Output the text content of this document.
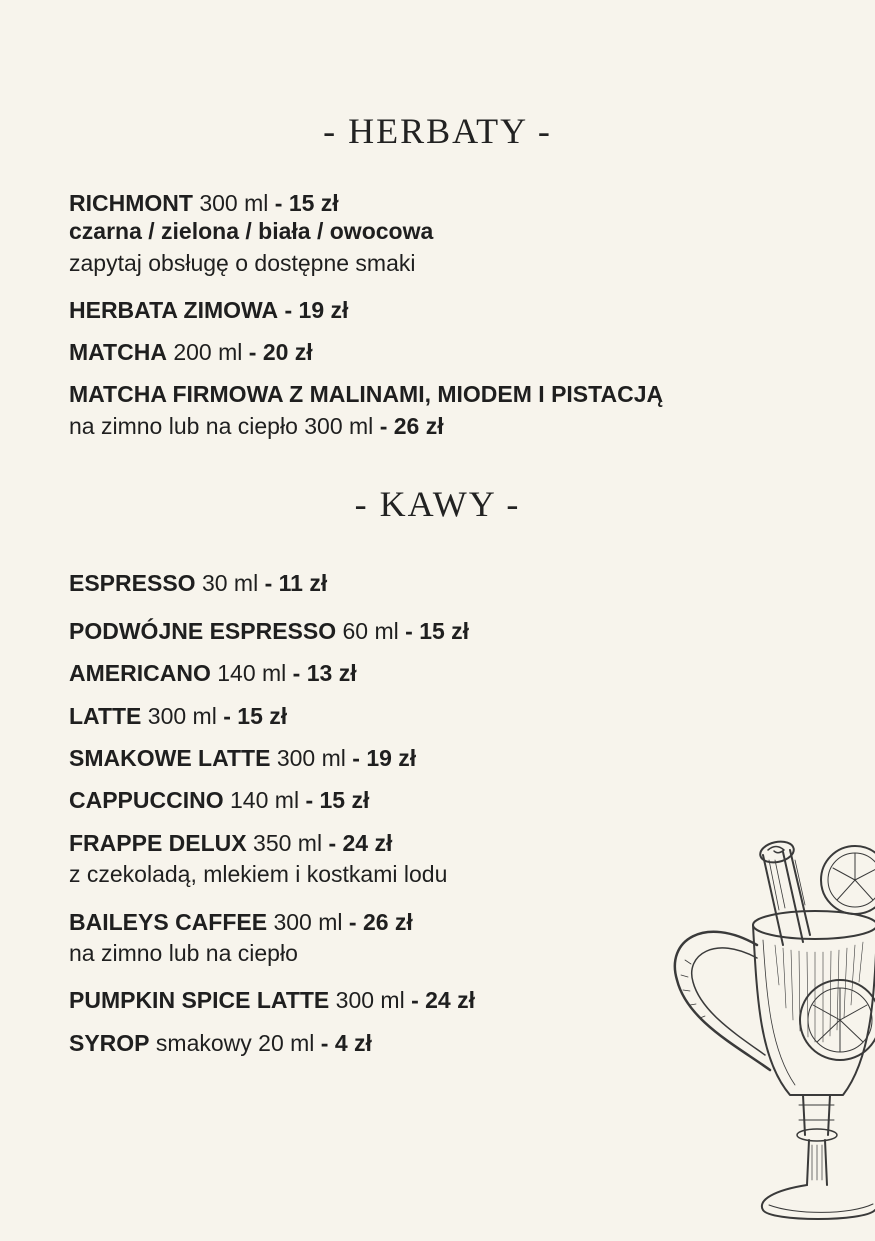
- HERBATY -
RICHMONT 300 ml - 15 zł
czarna / zielona / biała / owocowa
zapytaj obsługę o dostępne smaki
HERBATA ZIMOWA - 19 zł
MATCHA 200 ml - 20 zł
MATCHA FIRMOWA Z MALINAMI, MIODEM I PISTACJĄ
na zimno lub na ciepło 300 ml - 26 zł
- KAWY -
ESPRESSO 30 ml - 11 zł
PODWÓJNE ESPRESSO 60 ml - 15 zł
AMERICANO 140 ml - 13 zł
LATTE 300 ml - 15 zł
SMAKOWE LATTE 300 ml - 19 zł
CAPPUCCINO 140 ml - 15 zł
FRAPPE DELUX 350 ml - 24 zł
z czekoladą, mlekiem i kostkami lodu
BAILEYS CAFFEE 300 ml - 26 zł
na zimno lub na ciepło
PUMPKIN SPICE LATTE 300 ml - 24 zł
SYROP smakowy 20 ml - 4 zł
